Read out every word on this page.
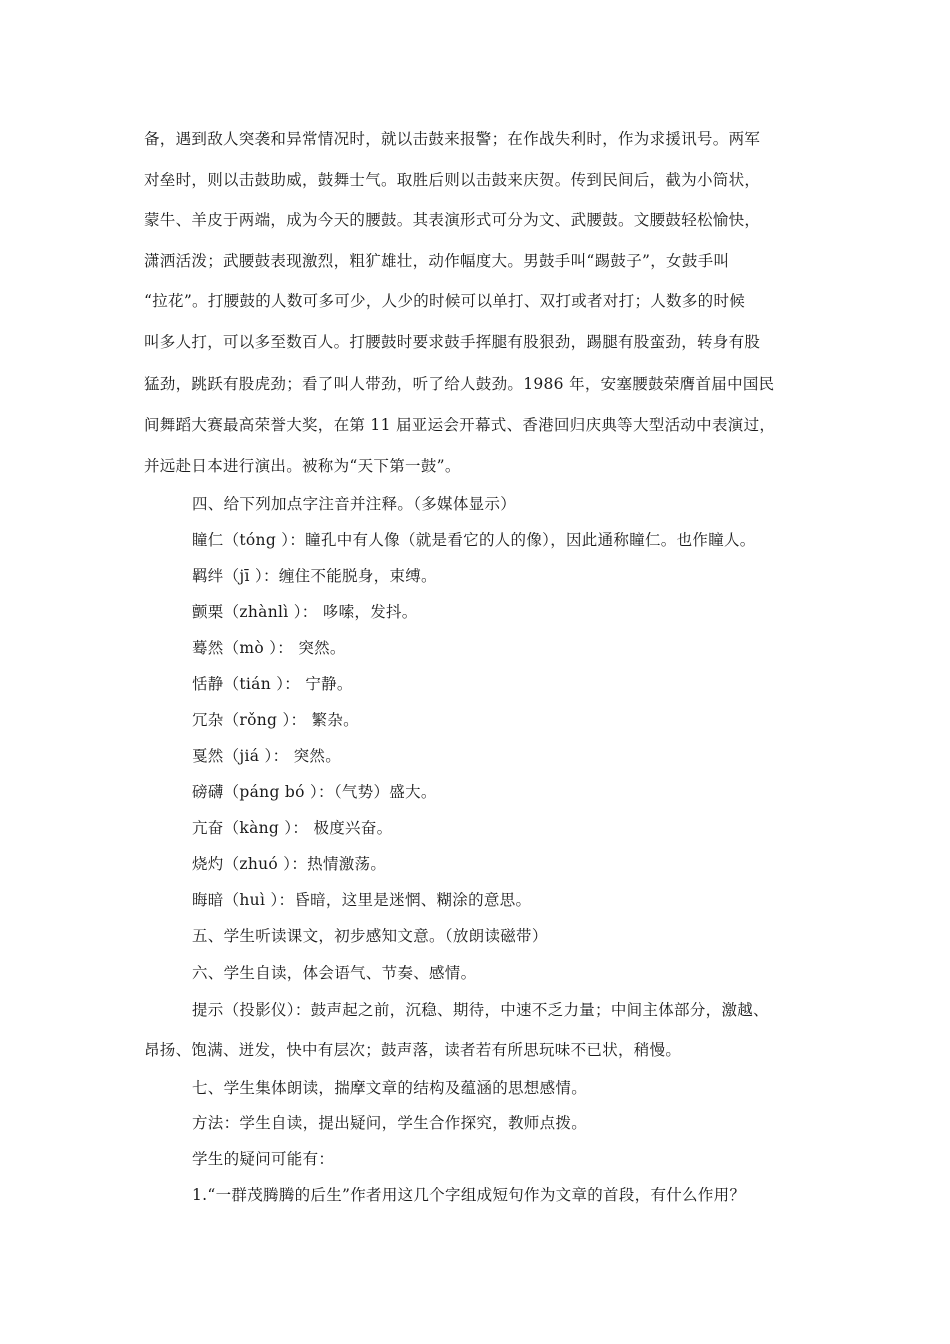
备，遇到敌人突袭和异常情况时，就以击鼓来报警；在作战失利时，作为求援讯号。两军
对垒时，则以击鼓助威，鼓舞士气。取胜后则以击鼓来庆贺。传到民间后，截为小筒状，
蒙牛、羊皮于两端，成为今天的腰鼓。其表演形式可分为文、武腰鼓。文腰鼓轻松愉快，
潇洒活泼；武腰鼓表现激烈，粗犷雄壮，动作幅度大。男鼓手叫“踢鼓子”，女鼓手叫
“拉花”。打腰鼓的人数可多可少，人少的时候可以单打、双打或者对打；人数多的时候
叫多人打，可以多至数百人。打腰鼓时要求鼓手挥腿有股狠劲，踢腿有股蛮劲，转身有股
猛劲，跳跃有股虎劲；看了叫人带劲，听了给人鼓劲。1986 年，安塞腰鼓荣膺首届中国民
间舞蹈大赛最高荣誉大奖，在第 11 届亚运会开幕式、香港回归庆典等大型活动中表演过，
并远赴日本进行演出。被称为“天下第一鼓”。
四、给下列加点字注音并注释。（多媒体显示）
瞳仁（tóng ）：瞳孔中有人像（就是看它的人的像），因此通称瞳仁。也作瞳人。
羁绊（jī ）：缠住不能脱身，束缚。
颤栗（zhànlì ）： 哆嗦，发抖。
蓦然（mò ）： 突然。
恬静（tián ）： 宁静。
冗杂（rǒng ）： 繁杂。
戛然（jiá ）： 突然。
磅礴（páng bó ）：（气势）盛大。
亢奋（kàng ）： 极度兴奋。
烧灼（zhuó ）：热情激荡。
晦暗（huì ）：昏暗，这里是迷惘、糊涂的意思。
五、学生听读课文，初步感知文意。（放朗读磁带）
六、学生自读，体会语气、节奏、感情。
提示（投影仪）：鼓声起之前，沉稳、期待，中速不乏力量；中间主体部分，激越、
昂扬、饱满、迸发，快中有层次；鼓声落，读者若有所思玩味不已状，稍慢。
七、学生集体朗读，揣摩文章的结构及蕴涵的思想感情。
方法：学生自读，提出疑问，学生合作探究，教师点拨。
学生的疑问可能有：
1.“一群茂腾腾的后生”作者用这几个字组成短句作为文章的首段，有什么作用？
